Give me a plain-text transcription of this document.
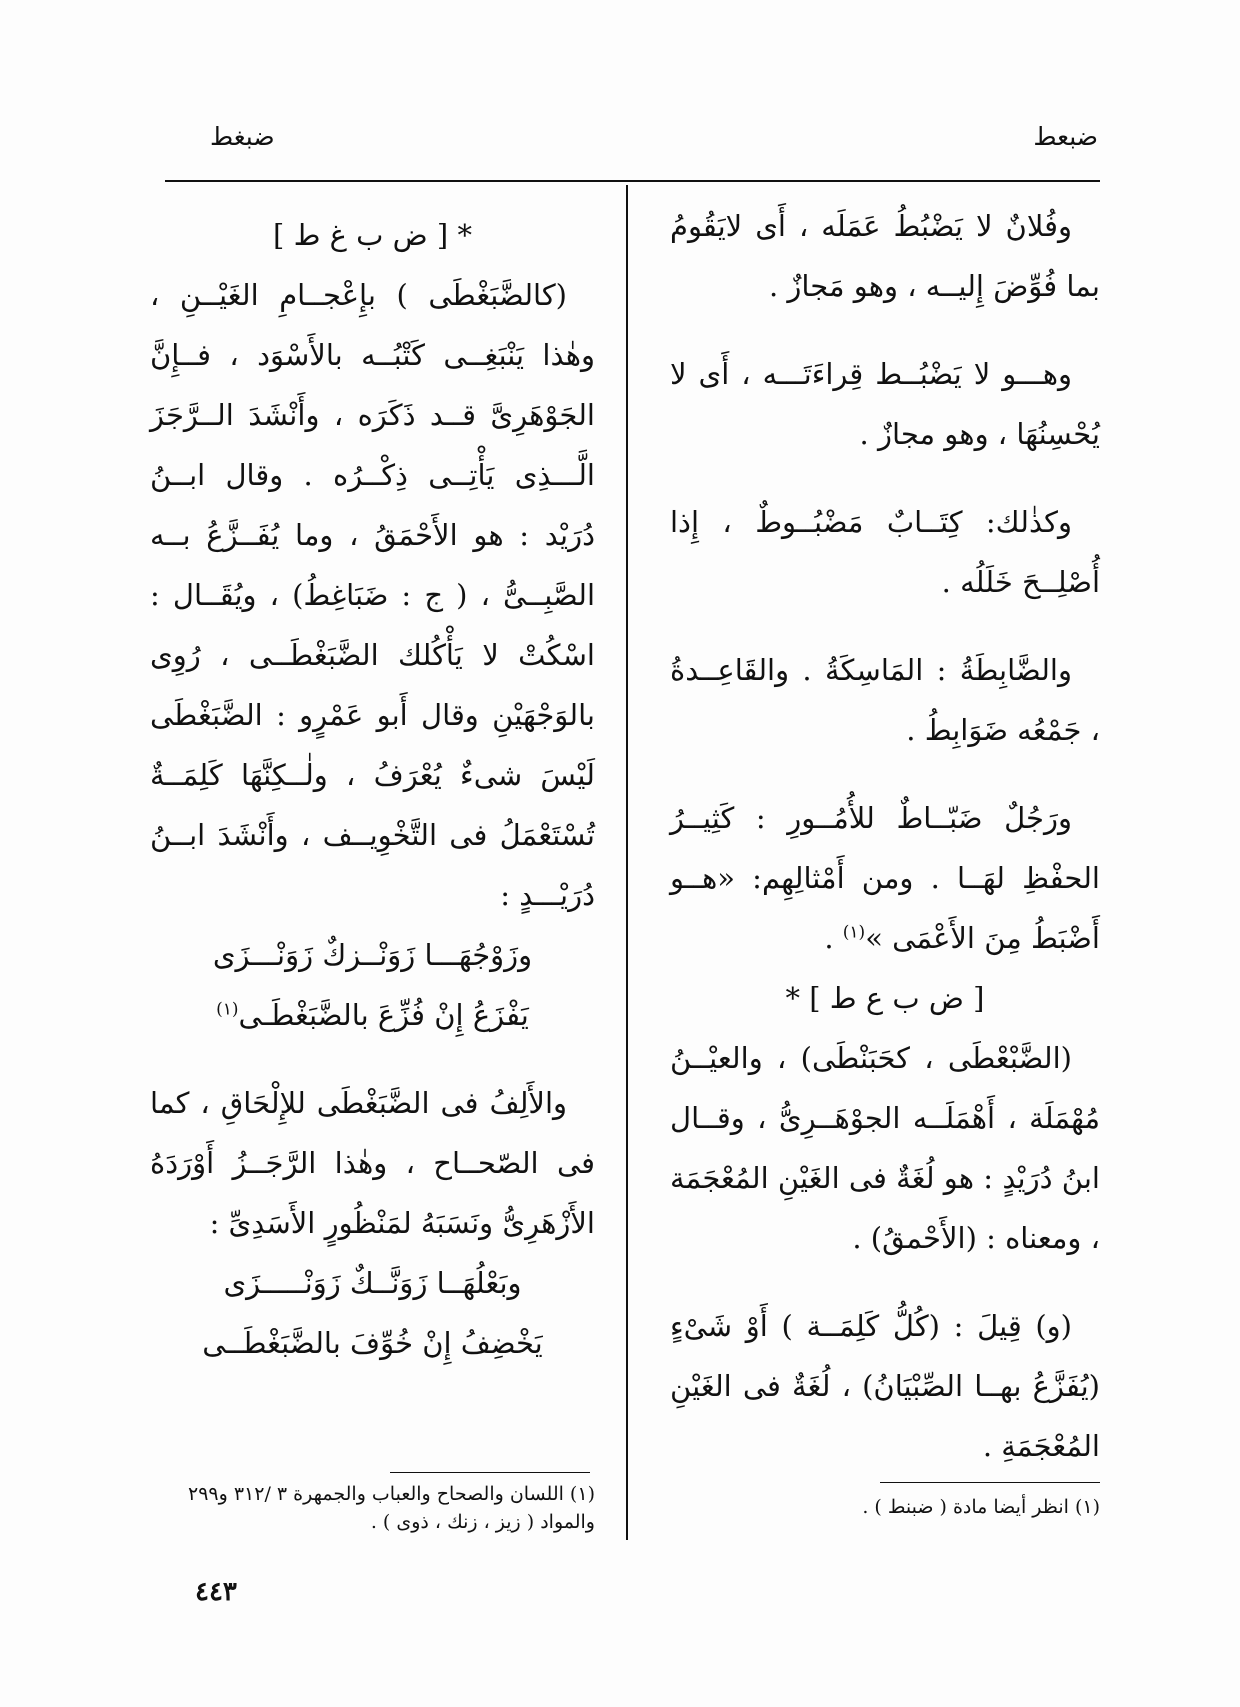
ضبعط
ضبغط

وفُلانٌ لا يَضْبُطُ عَمَلَه ، أَى لايَقُومُ بما فُوِّضَ إِليــه ، وهو مَجازٌ .

وهـــو لا يَضْبُــط قِراءَتَـــه ، أَى لا يُحْسِنُهَا ، وهو مجازٌ .

وكذٰلك: كِتَــابٌ مَضْبُــوطٌ ، إِذا أُصْلِــحَ خَلَلُه .

والضَّابِطَةُ : المَاسِكَةُ . والقَاعِــدةُ ، جَمْعُه ضَوَابِطُ .

ورَجُلٌ ضَبّــاطٌ للأُمُــورِ : كَثِيــرُ الحفْظِ لهَــا . ومن أَمْثالِهِم: «هــو أَضْبَطُ مِنَ الأَعْمَى »$^{(١)}$ .

[ ض ب ع ط ] *

(الضَّبْعْطَى ، كحَبَنْطَى) ، والعيْــنُ مُهْمَلَة ، أَهْمَلَــه الجوْهَــرِىُّ ، وقــال ابنُ دُرَيْدٍ : هو لُغَةٌ فى الغَيْنِ المُعْجَمَة ، ومعناه : (الأَحْمقُ) .

(و) قِيلَ : (كُلُّ كَلِمَــة ) أَوْ شَىْءٍ (يُفَزَّعُ بهــا الصِّبْيَانُ) ، لُغَةٌ فى الغَيْنِ المُعْجَمَةِ .

* [ ض ب غ ط ]

(كالضَّبَغْطَى ) بإِعْجــامِ الغَيْــنِ ، وهٰذا يَنْبَغِــى كَتْبُــه بالأَسْوَد ، فــإِنَّ الجَوْهَرِىَّ قــد ذَكَرَه ، وأَنْشَدَ الــرَّجَزَ الَّـــذِى يَأْتِــى ذِكْــرُه . وقال ابــنُ دُرَيْد : هو الأَحْمَقُ ، وما يُفَــزَّعُ بــه الصَّبِــىُّ ، ( ج : ضَبَاغِطُ) ، ويُقَــال : اسْكُتْ لا يَأْكُلك الضَّبَغْطَــى ، رُوِى بالوَجْهَيْنِ وقال أَبو عَمْرٍو : الضَّبَغْطَى لَيْسَ شىءٌ يُعْرَفُ ، ولٰــكِنَّهَا كَلِمَــةٌ تُسْتَعْمَلُ فى التَّخْوِيــف ، وأَنْشَدَ ابــنُ دُرَيْـــدٍ :

وزَوْجُهَـــا زَوَنْــزكٌ زَوَنْـــزَى

يَفْزَعُ إِنْ فُزِّعَ بالضَّبَغْطَـى$^{(١)}$

والأَلِفُ فى الضَّبَغْطَى للإِلْحَاقِ ، كما فى الصّحــاح ، وهٰذا الرَّجَــزُ أَوْرَدَهُ الأَزْهَرِىُّ ونَسَبَهُ لمَنْظُورٍ الأَسَدِىِّ :

وبَعْلُهَــا زَوَنَّــكٌ زَوَنْـــــزَى

يَخْضِفُ إِنْ خُوِّفَ بالضَّبَغْطَــى

(١) انظر أيضا مادة ( ضبنط ) .
(١) اللسان والصحاح والعباب والجمهرة ٣ /٣١٢ و٢٩٩
والمواد ( زيز ، زنك ، ذوى ) .
٤٤٣
